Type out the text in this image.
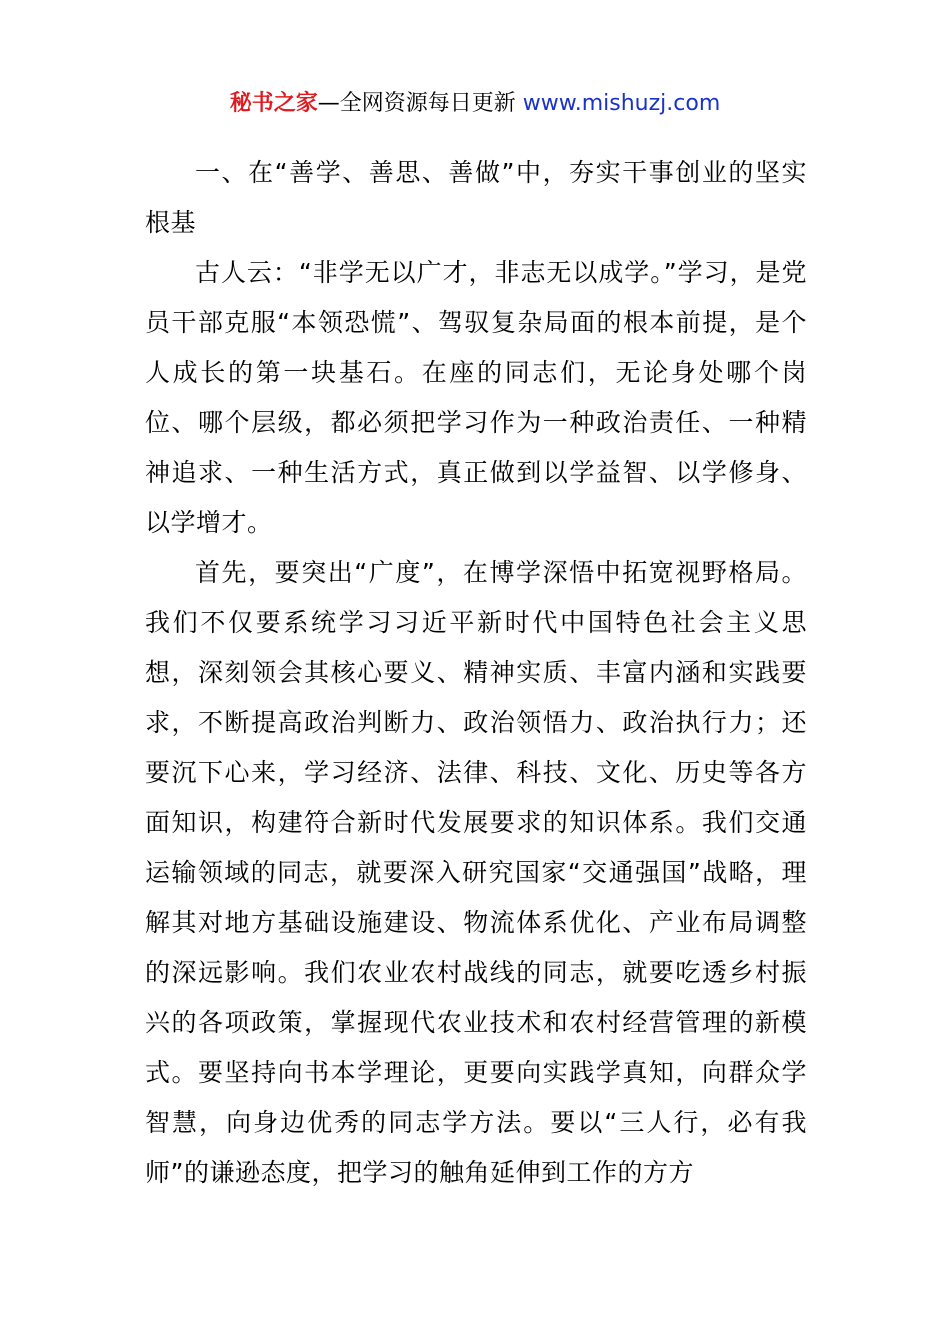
秘书之家—全网资源每日更新 www.mishuzj.com

一、在“善学、善思、善做”中，夯实干事创业的坚实根基

古人云：“非学无以广才，非志无以成学。”学习，是党员干部克服“本领恐慌”、驾驭复杂局面的根本前提，是个人成长的第一块基石。在座的同志们，无论身处哪个岗位、哪个层级，都必须把学习作为一种政治责任、一种精神追求、一种生活方式，真正做到以学益智、以学修身、以学增才。

首先，要突出“广度”，在博学深悟中拓宽视野格局。我们不仅要系统学习习近平新时代中国特色社会主义思想，深刻领会其核心要义、精神实质、丰富内涵和实践要求，不断提高政治判断力、政治领悟力、政治执行力；还要沉下心来，学习经济、法律、科技、文化、历史等各方面知识，构建符合新时代发展要求的知识体系。我们交通运输领域的同志，就要深入研究国家“交通强国”战略，理解其对地方基础设施建设、物流体系优化、产业布局调整的深远影响。我们农业农村战线的同志，就要吃透乡村振兴的各项政策，掌握现代农业技术和农村经营管理的新模式。要坚持向书本学理论，更要向实践学真知，向群众学智慧，向身边优秀的同志学方法。要以“三人行，必有我师”的谦逊态度，把学习的触角延伸到工作的方方
